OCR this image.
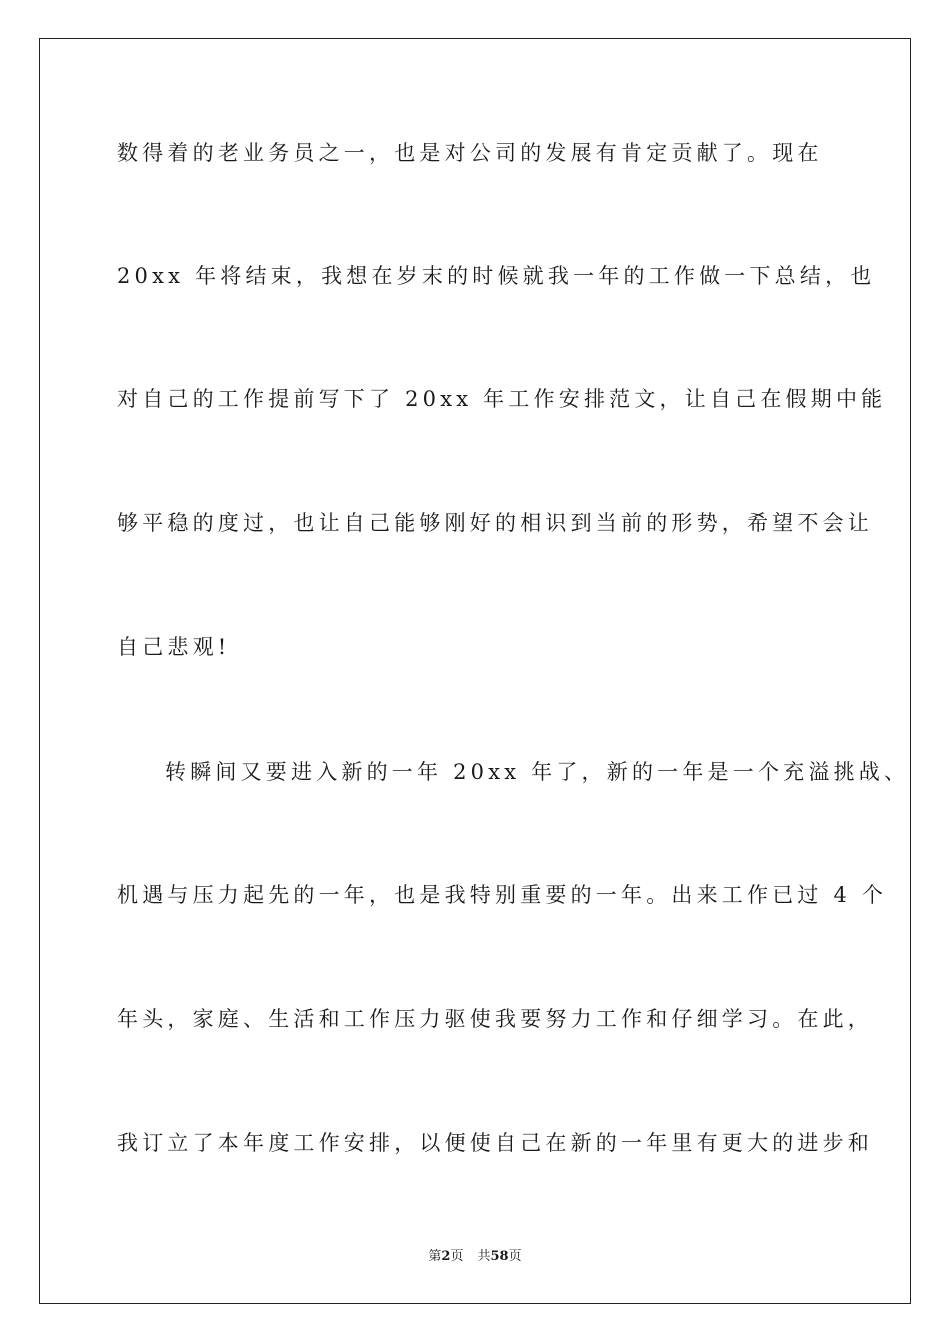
数得着的老业务员之一，也是对公司的发展有肯定贡献了。现在
20xx 年将结束，我想在岁末的时候就我一年的工作做一下总结，也
对自己的工作提前写下了 20xx 年工作安排范文，让自己在假期中能
够平稳的度过，也让自己能够刚好的相识到当前的形势，希望不会让
自己悲观!
转瞬间又要进入新的一年 20xx 年了，新的一年是一个充溢挑战、
机遇与压力起先的一年，也是我特别重要的一年。出来工作已过 4 个
年头，家庭、生活和工作压力驱使我要努力工作和仔细学习。在此，
我订立了本年度工作安排，以便使自己在新的一年里有更大的进步和
第2页 共58页
